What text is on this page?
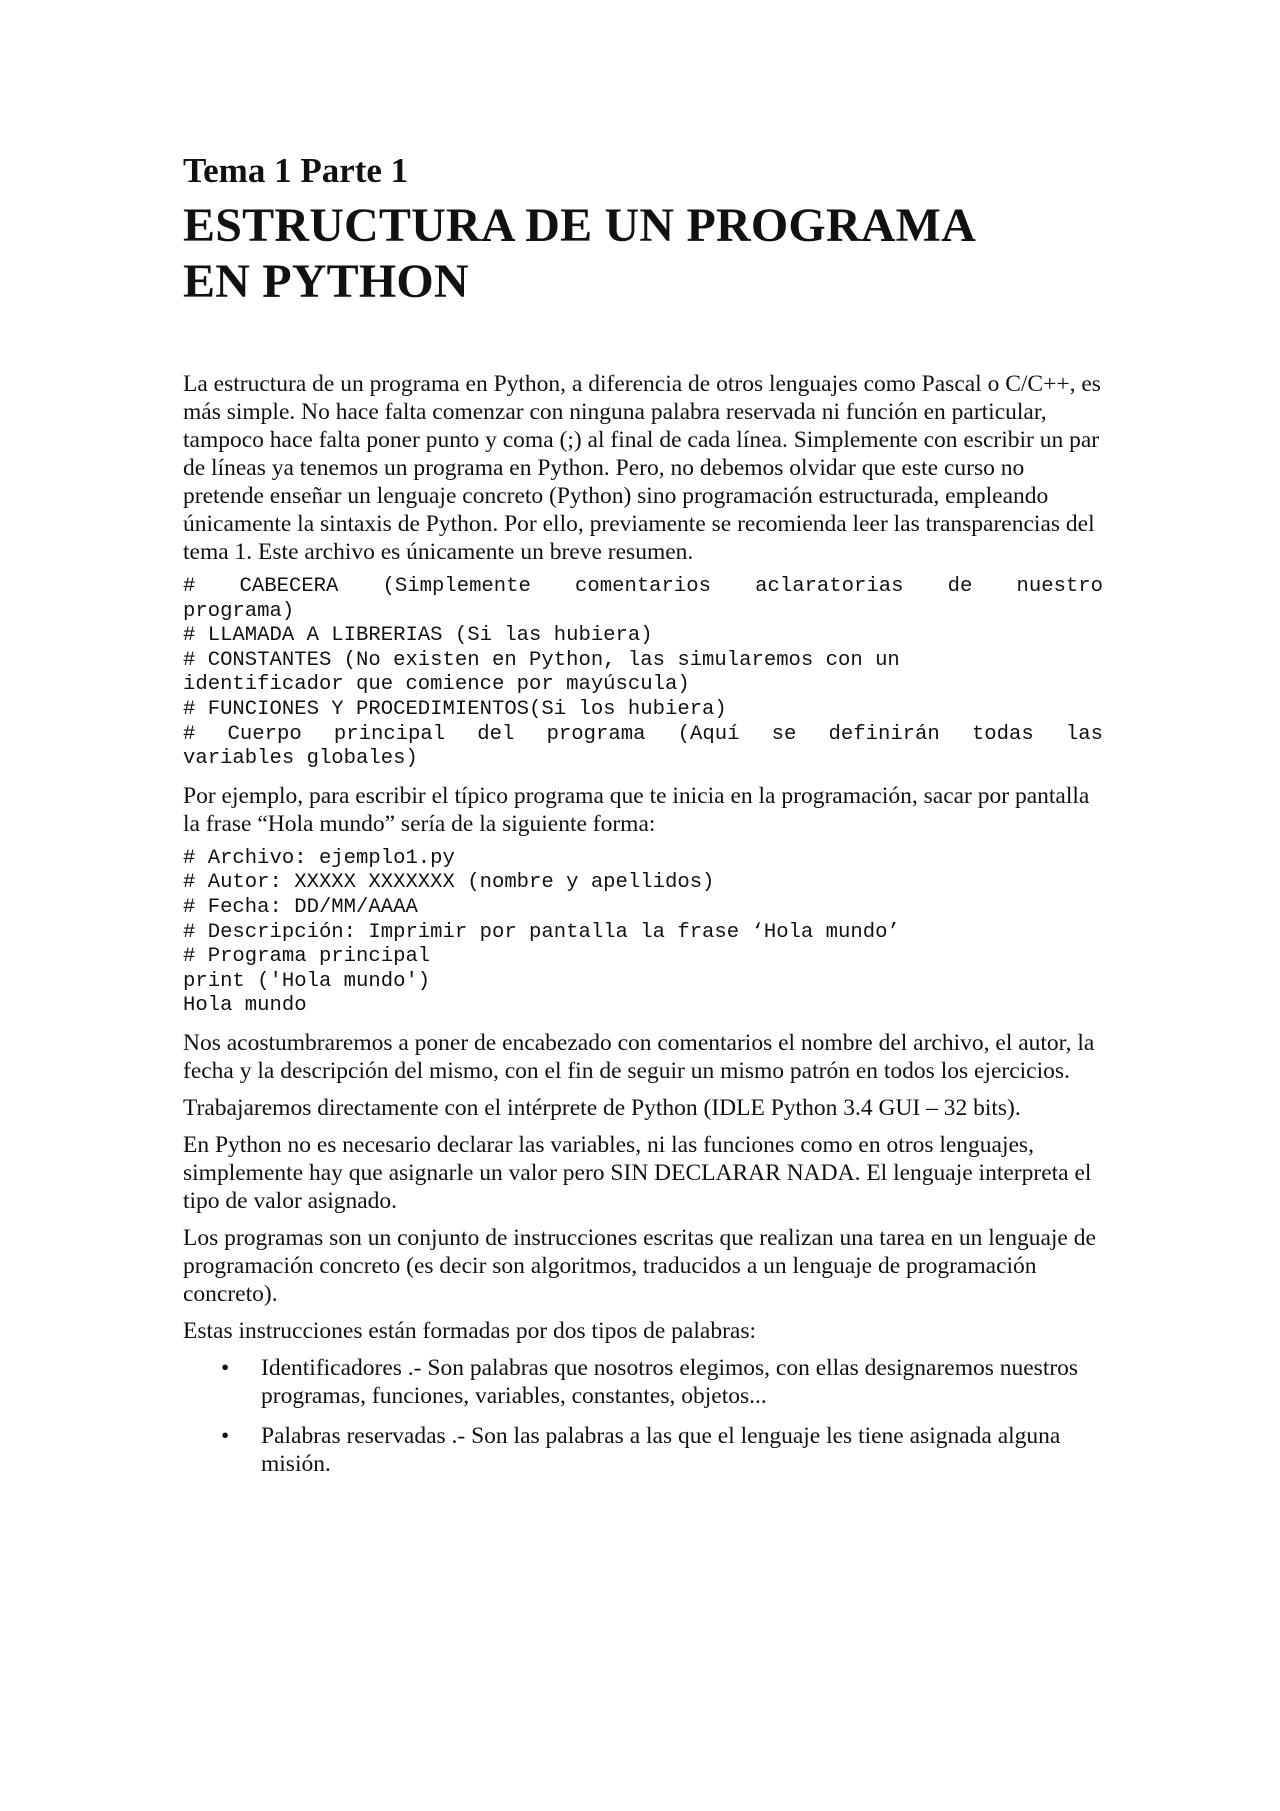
Tema 1 Parte 1
ESTRUCTURA DE UN PROGRAMA
EN PYTHON

La estructura de un programa en Python, a diferencia de otros lenguajes como Pascal o C/C++, es más simple. No hace falta comenzar con ninguna palabra reservada ni función en particular, tampoco hace falta poner punto y coma (;) al final de cada línea. Simplemente con escribir un par de líneas ya tenemos un programa en Python. Pero, no debemos olvidar que este curso no pretende enseñar un lenguaje concreto (Python) sino programación estructurada, empleando únicamente la sintaxis de Python. Por ello, previamente se recomienda leer las transparencias del tema 1. Este archivo es únicamente un breve resumen.

# CABECERA (Simplemente comentarios aclaratorias de nuestro
programa)
# LLAMADA A LIBRERIAS (Si las hubiera)
# CONSTANTES (No existen en Python, las simularemos con un
identificador que comience por mayúscula)
# FUNCIONES Y PROCEDIMIENTOS(Si los hubiera)
# Cuerpo principal del programa (Aquí se definirán todas las
variables globales)

Por ejemplo, para escribir el típico programa que te inicia en la programación, sacar por pantalla la frase “Hola mundo” sería de la siguiente forma:

# Archivo: ejemplo1.py
# Autor: XXXXX XXXXXXX (nombre y apellidos)
# Fecha: DD/MM/AAAA
# Descripción: Imprimir por pantalla la frase ‘Hola mundo’
# Programa principal
print ('Hola mundo')
Hola mundo

Nos acostumbraremos a poner de encabezado con comentarios el nombre del archivo, el autor, la fecha y la descripción del mismo, con el fin de seguir un mismo patrón en todos los ejercicios.

Trabajaremos directamente con el intérprete de Python (IDLE Python 3.4 GUI – 32 bits).

En Python no es necesario declarar las variables, ni las funciones como en otros lenguajes, simplemente hay que asignarle un valor pero SIN DECLARAR NADA. El lenguaje interpreta el tipo de valor asignado.

Los programas son un conjunto de instrucciones escritas que realizan una tarea en un lenguaje de programación concreto (es decir son algoritmos, traducidos a un lenguaje de programación concreto).

Estas instrucciones están formadas por dos tipos de palabras:

• Identificadores .- Son palabras que nosotros elegimos, con ellas designaremos nuestros programas, funciones, variables, constantes, objetos...
• Palabras reservadas .- Son las palabras a las que el lenguaje les tiene asignada alguna misión.
